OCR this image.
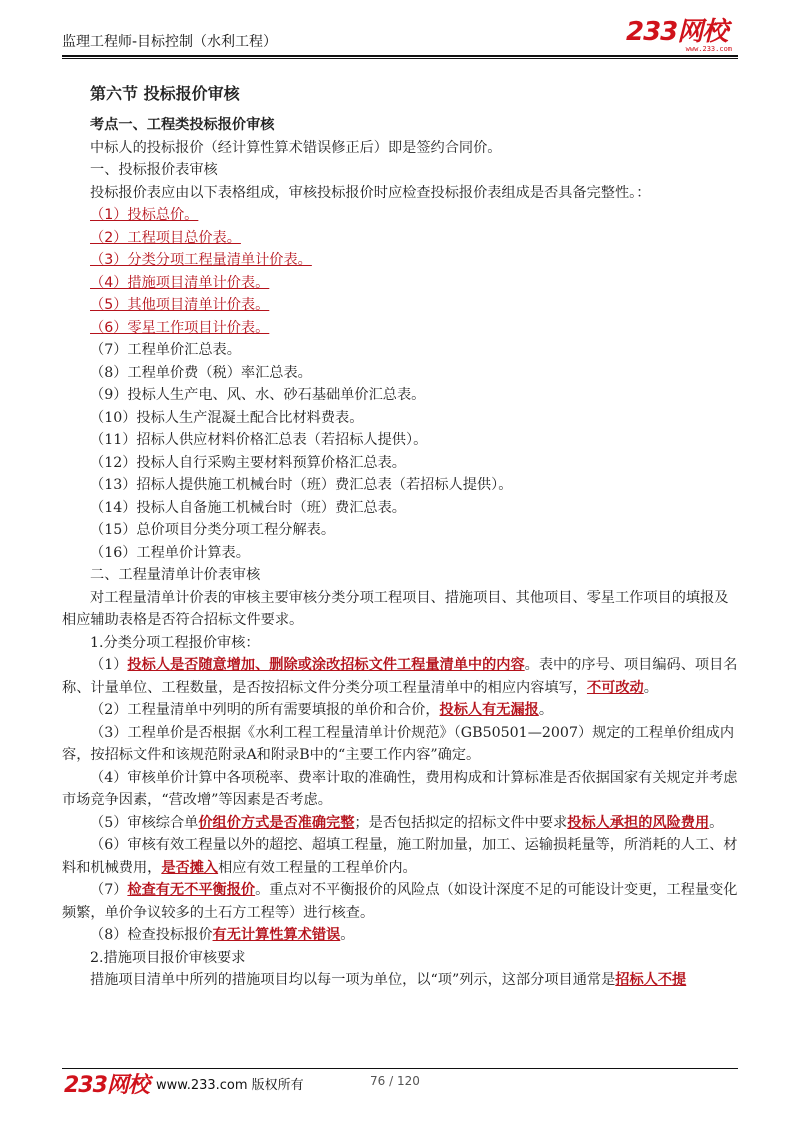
监理工程师-目标控制（水利工程）	233网校
www.233.com

第六节 投标报价审核

考点一、工程类投标报价审核

中标人的投标报价（经计算性算术错误修正后）即是签约合同价。

一、投标报价表审核

投标报价表应由以下表格组成，审核投标报价时应检查投标报价表组成是否具备完整性。：

（1）投标总价。

（2）工程项目总价表。

（3）分类分项工程量清单计价表。

（4）措施项目清单计价表。

（5）其他项目清单计价表。

（6）零星工作项目计价表。

（7）工程单价汇总表。

（8）工程单价费（税）率汇总表。

（9）投标人生产电、风、水、砂石基础单价汇总表。

（10）投标人生产混凝土配合比材料费表。

（11）招标人供应材料价格汇总表（若招标人提供）。

（12）投标人自行采购主要材料预算价格汇总表。

（13）招标人提供施工机械台时（班）费汇总表（若招标人提供）。

（14）投标人自备施工机械台时（班）费汇总表。

（15）总价项目分类分项工程分解表。

（16）工程单价计算表。

二、工程量清单计价表审核

对工程量清单计价表的审核主要审核分类分项工程项目、措施项目、其他项目、零星工作项目的填报及相应辅助表格是否符合招标文件要求。

1.分类分项工程报价审核：

（1）投标人是否随意增加、删除或涂改招标文件工程量清单中的内容。表中的序号、项目编码、项目名称、计量单位、工程数量，是否按招标文件分类分项工程量清单中的相应内容填写，不可改动。

（2）工程量清单中列明的所有需要填报的单价和合价，投标人有无漏报。

（3）工程单价是否根据《水利工程工程量清单计价规范》（GB50501—2007）规定的工程单价组成内容，按招标文件和该规范附录A和附录B中的“主要工作内容”确定。

（4）审核单价计算中各项税率、费率计取的准确性，费用构成和计算标准是否依据国家有关规定并考虑市场竞争因素，“营改增”等因素是否考虑。

（5）审核综合单价组价方式是否准确完整；是否包括拟定的招标文件中要求投标人承担的风险费用。

（6）审核有效工程量以外的超挖、超填工程量，施工附加量，加工、运输损耗量等，所消耗的人工、材料和机械费用，是否摊入相应有效工程量的工程单价内。

（7）检查有无不平衡报价。重点对不平衡报价的风险点（如设计深度不足的可能设计变更，工程量变化频繁，单价争议较多的土石方工程等）进行核查。

（8）检查投标报价有无计算性算术错误。

2.措施项目报价审核要求

措施项目清单中所列的措施项目均以每一项为单位，以“项”列示，这部分项目通常是招标人不提

233网校 www.233.com 版权所有	76 / 120
